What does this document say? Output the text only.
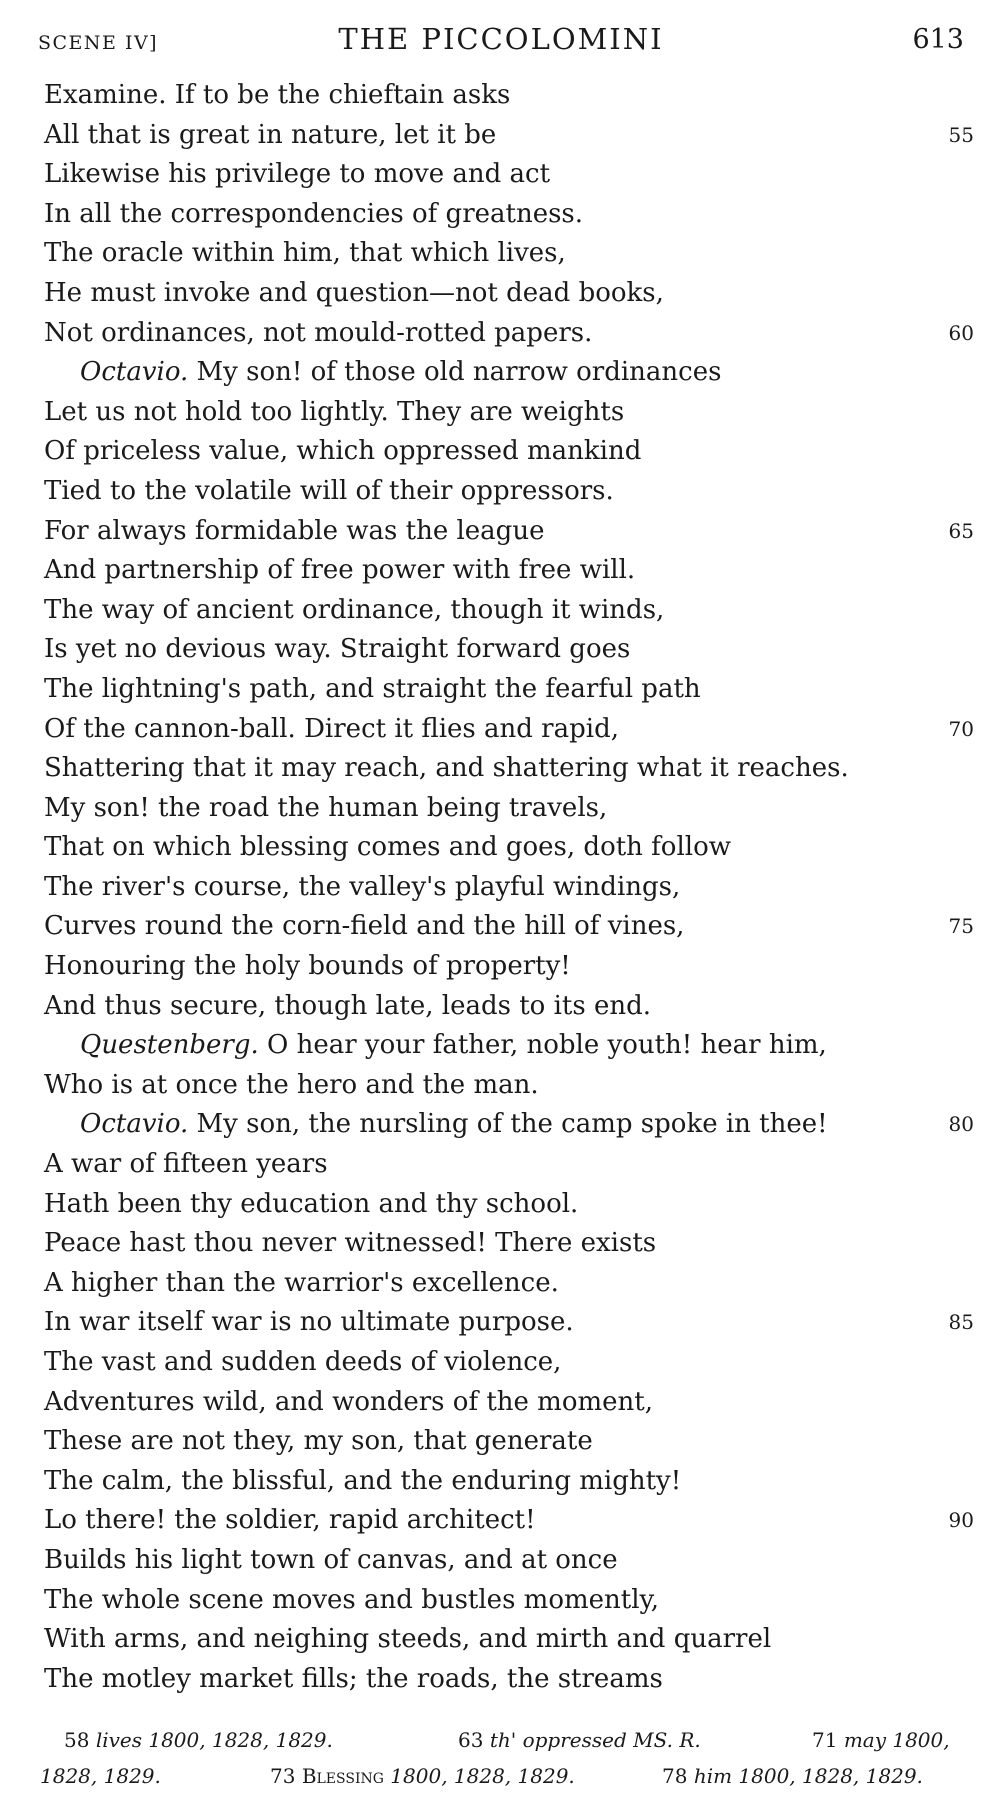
SCENE IV]	THE PICCOLOMINI	613
Examine. If to be the chieftain asks
All that is great in nature, let it be	55
Likewise his privilege to move and act
In all the correspondencies of greatness.
The oracle within him, that which lives,
He must invoke and question—not dead books,
Not ordinances, not mould-rotted papers.	60
Octavio. My son! of those old narrow ordinances
Let us not hold too lightly. They are weights
Of priceless value, which oppressed mankind
Tied to the volatile will of their oppressors.
For always formidable was the league	65
And partnership of free power with free will.
The way of ancient ordinance, though it winds,
Is yet no devious way. Straight forward goes
The lightning's path, and straight the fearful path
Of the cannon-ball. Direct it flies and rapid,	70
Shattering that it may reach, and shattering what it reaches.
My son! the road the human being travels,
That on which blessing comes and goes, doth follow
The river's course, the valley's playful windings,
Curves round the corn-field and the hill of vines,	75
Honouring the holy bounds of property!
And thus secure, though late, leads to its end.
Questenberg. O hear your father, noble youth! hear him,
Who is at once the hero and the man.
Octavio. My son, the nursling of the camp spoke in thee!	80
A war of fifteen years
Hath been thy education and thy school.
Peace hast thou never witnessed! There exists
A higher than the warrior's excellence.
In war itself war is no ultimate purpose.	85
The vast and sudden deeds of violence,
Adventures wild, and wonders of the moment,
These are not they, my son, that generate
The calm, the blissful, and the enduring mighty!
Lo there! the soldier, rapid architect!	90
Builds his light town of canvas, and at once
The whole scene moves and bustles momently,
With arms, and neighing steeds, and mirth and quarrel
The motley market fills; the roads, the streams
58 lives 1800, 1828, 1829.	63 th' oppressed MS. R.	71 may 1800,
1828, 1829.	73 Blessing 1800, 1828, 1829.	78 him 1800, 1828, 1829.
